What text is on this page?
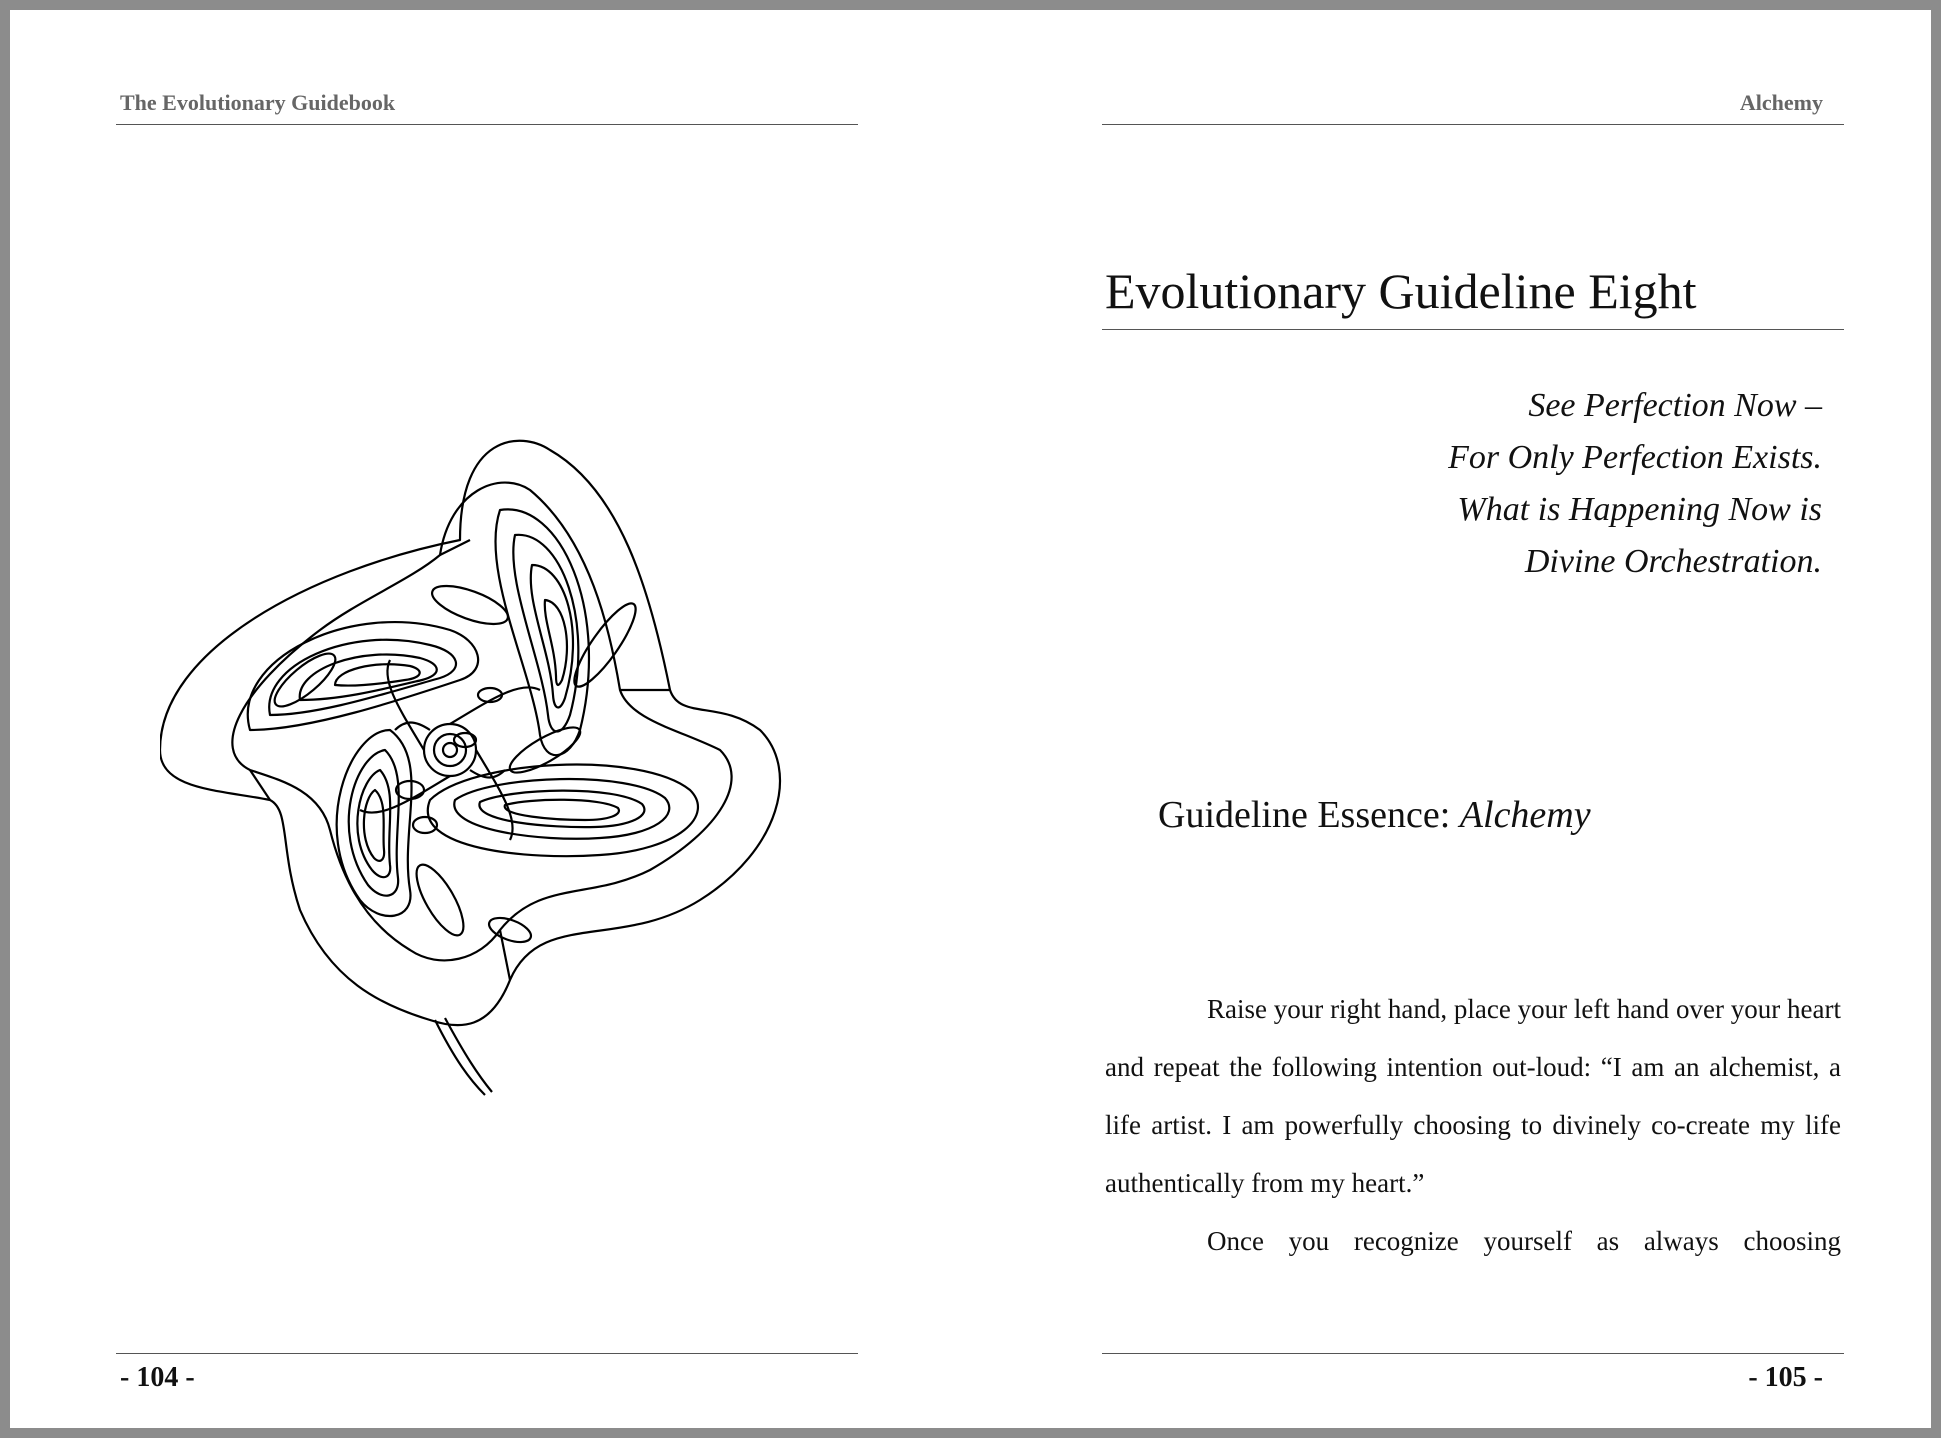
The Evolutionary Guidebook
- 104 -
Alchemy
Evolutionary Guideline Eight
See Perfection Now –
For Only Perfection Exists.
What is Happening Now is
Divine Orchestration.
Guideline Essence: Alchemy

Raise your right hand, place your left hand over your heart and repeat the following intention out-loud: “I am an alchemist, a life artist. I am powerfully choosing to divinely co-create my life authentically from my heart.”

Once you recognize yourself as always choosing

- 105 -
